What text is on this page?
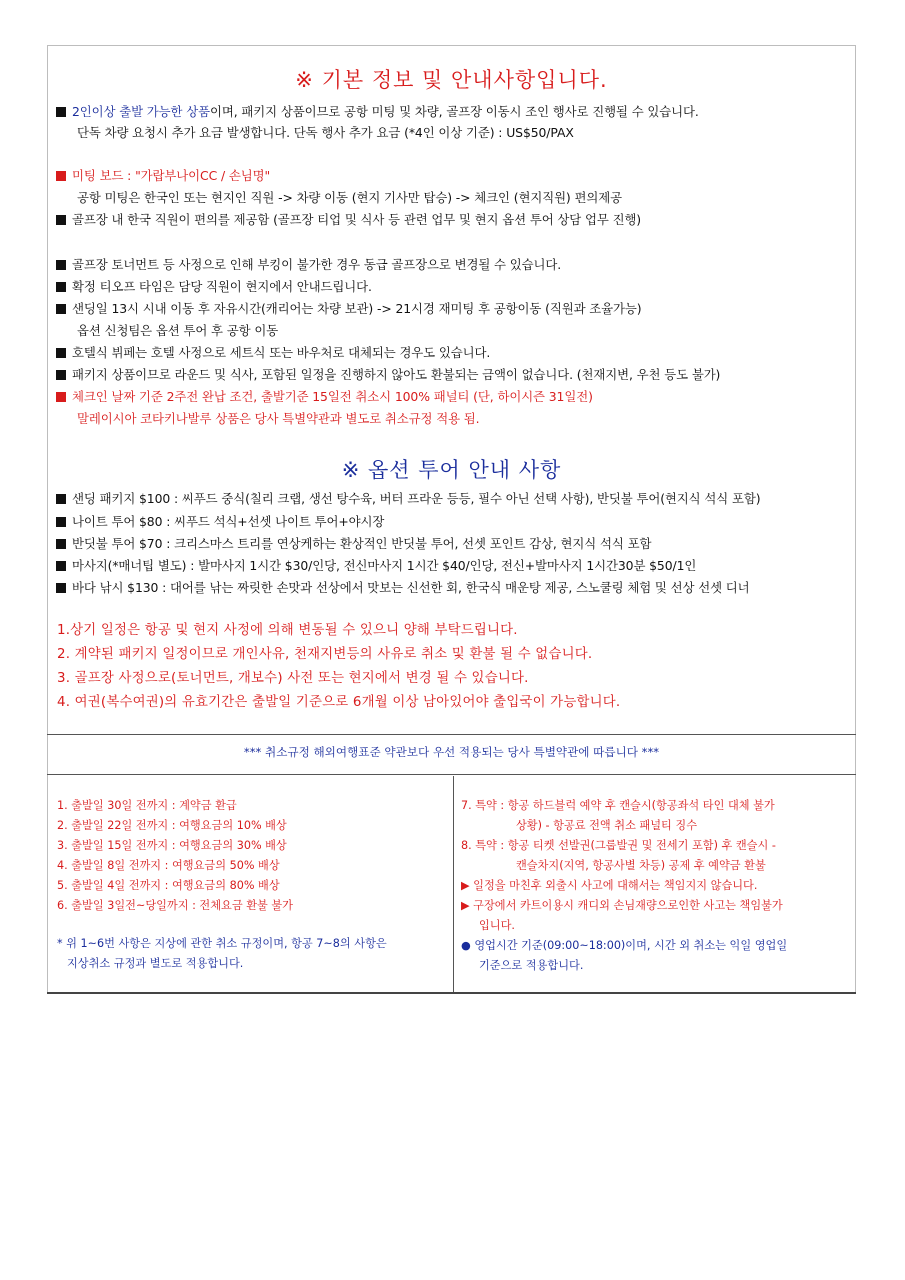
※ 기본 정보 및 안내사항입니다.
2인이상 출발 가능한 상품이며, 패키지 상품이므로 공항 미팅 및 차량, 골프장 이동시 조인 행사로 진행될 수 있습니다.
단독 차량 요청시 추가 요금 발생합니다. 단독 행사 추가 요금 (*4인 이상 기준) : US$50/PAX
미팅 보드 : "가랍부나이CC / 손님명"
공항 미팅은 한국인 또는 현지인 직원 -> 차량 이동 (현지 기사만 탑승) -> 체크인 (현지직원) 편의제공
골프장 내 한국 직원이 편의를 제공함 (골프장 티업 및 식사 등 관련 업무 및 현지 옵션 투어 상담 업무 진행)
골프장 토너먼트 등 사정으로 인해 부킹이 불가한 경우 동급 골프장으로 변경될 수 있습니다.
확정 티오프 타임은 담당 직원이 현지에서 안내드립니다.
샌딩일 13시 시내 이동 후 자유시간(캐리어는 차량 보관) -> 21시경 재미팅 후 공항이동 (직원과 조율가능)
옵션 신청팀은 옵션 투어 후 공항 이동
호텔식 뷔페는 호텔 사정으로 세트식 또는 바우처로 대체되는 경우도 있습니다.
패키지 상품이므로 라운드 및 식사, 포함된 일정을 진행하지 않아도 환불되는 금액이 없습니다. (천재지변, 우천 등도 불가)
체크인 날짜 기준 2주전 완납 조건, 출발기준 15일전 취소시 100% 패널티 (단, 하이시즌 31일전)
말레이시아 코타키나발루 상품은 당사 특별약관과 별도로 취소규정 적용 됨.
※ 옵션 투어 안내 사항
샌딩 패키지 $100 : 씨푸드 중식(칠리 크랩, 생선 탕수육, 버터 프라운 등등, 필수 아닌 선택 사항), 반딧불 투어(현지식 석식 포함)
나이트 투어 $80 : 씨푸드 석식+선셋 나이트 투어+야시장
반딧불 투어 $70 : 크리스마스 트리를 연상케하는 환상적인 반딧불 투어, 선셋 포인트 감상, 현지식 석식 포함
마사지(*매너팁 별도) : 발마사지 1시간 $30/인당, 전신마사지 1시간 $40/인당, 전신+발마사지 1시간30분 $50/1인
바다 낚시 $130 : 대어를 낚는 짜릿한 손맛과 선상에서 맛보는 신선한 회, 한국식 매운탕 제공, 스노쿨링 체험 및 선상 선셋 디너
1.상기 일정은 항공 및 현지 사정에 의해 변동될 수 있으니 양해 부탁드립니다.
2. 계약된 패키지 일정이므로 개인사유, 천재지변등의 사유로 취소 및 환불 될 수 없습니다.
3. 골프장 사정으로(토너먼트, 개보수) 사전 또는 현지에서 변경 될 수 있습니다.
4. 여권(복수여권)의 유효기간은 출발일 기준으로 6개월 이상 남아있어야 출입국이 가능합니다.
*** 취소규정 해외여행표준 약관보다 우선 적용되는 당사 특별약관에 따릅니다 ***
1. 출발일 30일 전까지 : 계약금 환급
2. 출발일 22일 전까지 : 여행요금의 10% 배상
3. 출발일 15일 전까지 : 여행요금의 30% 배상
4. 출발일 8일 전까지 : 여행요금의 50% 배상
5. 출발일 4일 전까지 : 여행요금의 80% 배상
6. 출발일 3일전~당일까지 : 전체요금 환불 불가
* 위 1~6번 사항은 지상에 관한 취소 규정이며, 항공 7~8의 사항은
지상취소 규정과 별도로 적용합니다.
7. 특약 : 항공 하드블럭 예약 후 캔슬시(항공좌석 타인 대체 불가
상황) - 항공료 전액 취소 패널티 징수
8. 특약 : 항공 티켓 선발권(그룹발권 및 전세기 포함) 후 캔슬시 -
캔슬차지(지역, 항공사별 차등) 공제 후 예약금 환불
▶ 일정을 마친후 외출시 사고에 대해서는 책임지지 않습니다.
▶ 구장에서 카트이용시 캐디외 손님재량으로인한 사고는 책임불가
입니다.
● 영업시간 기준(09:00~18:00)이며, 시간 외 취소는 익일 영업일
기준으로 적용합니다.
